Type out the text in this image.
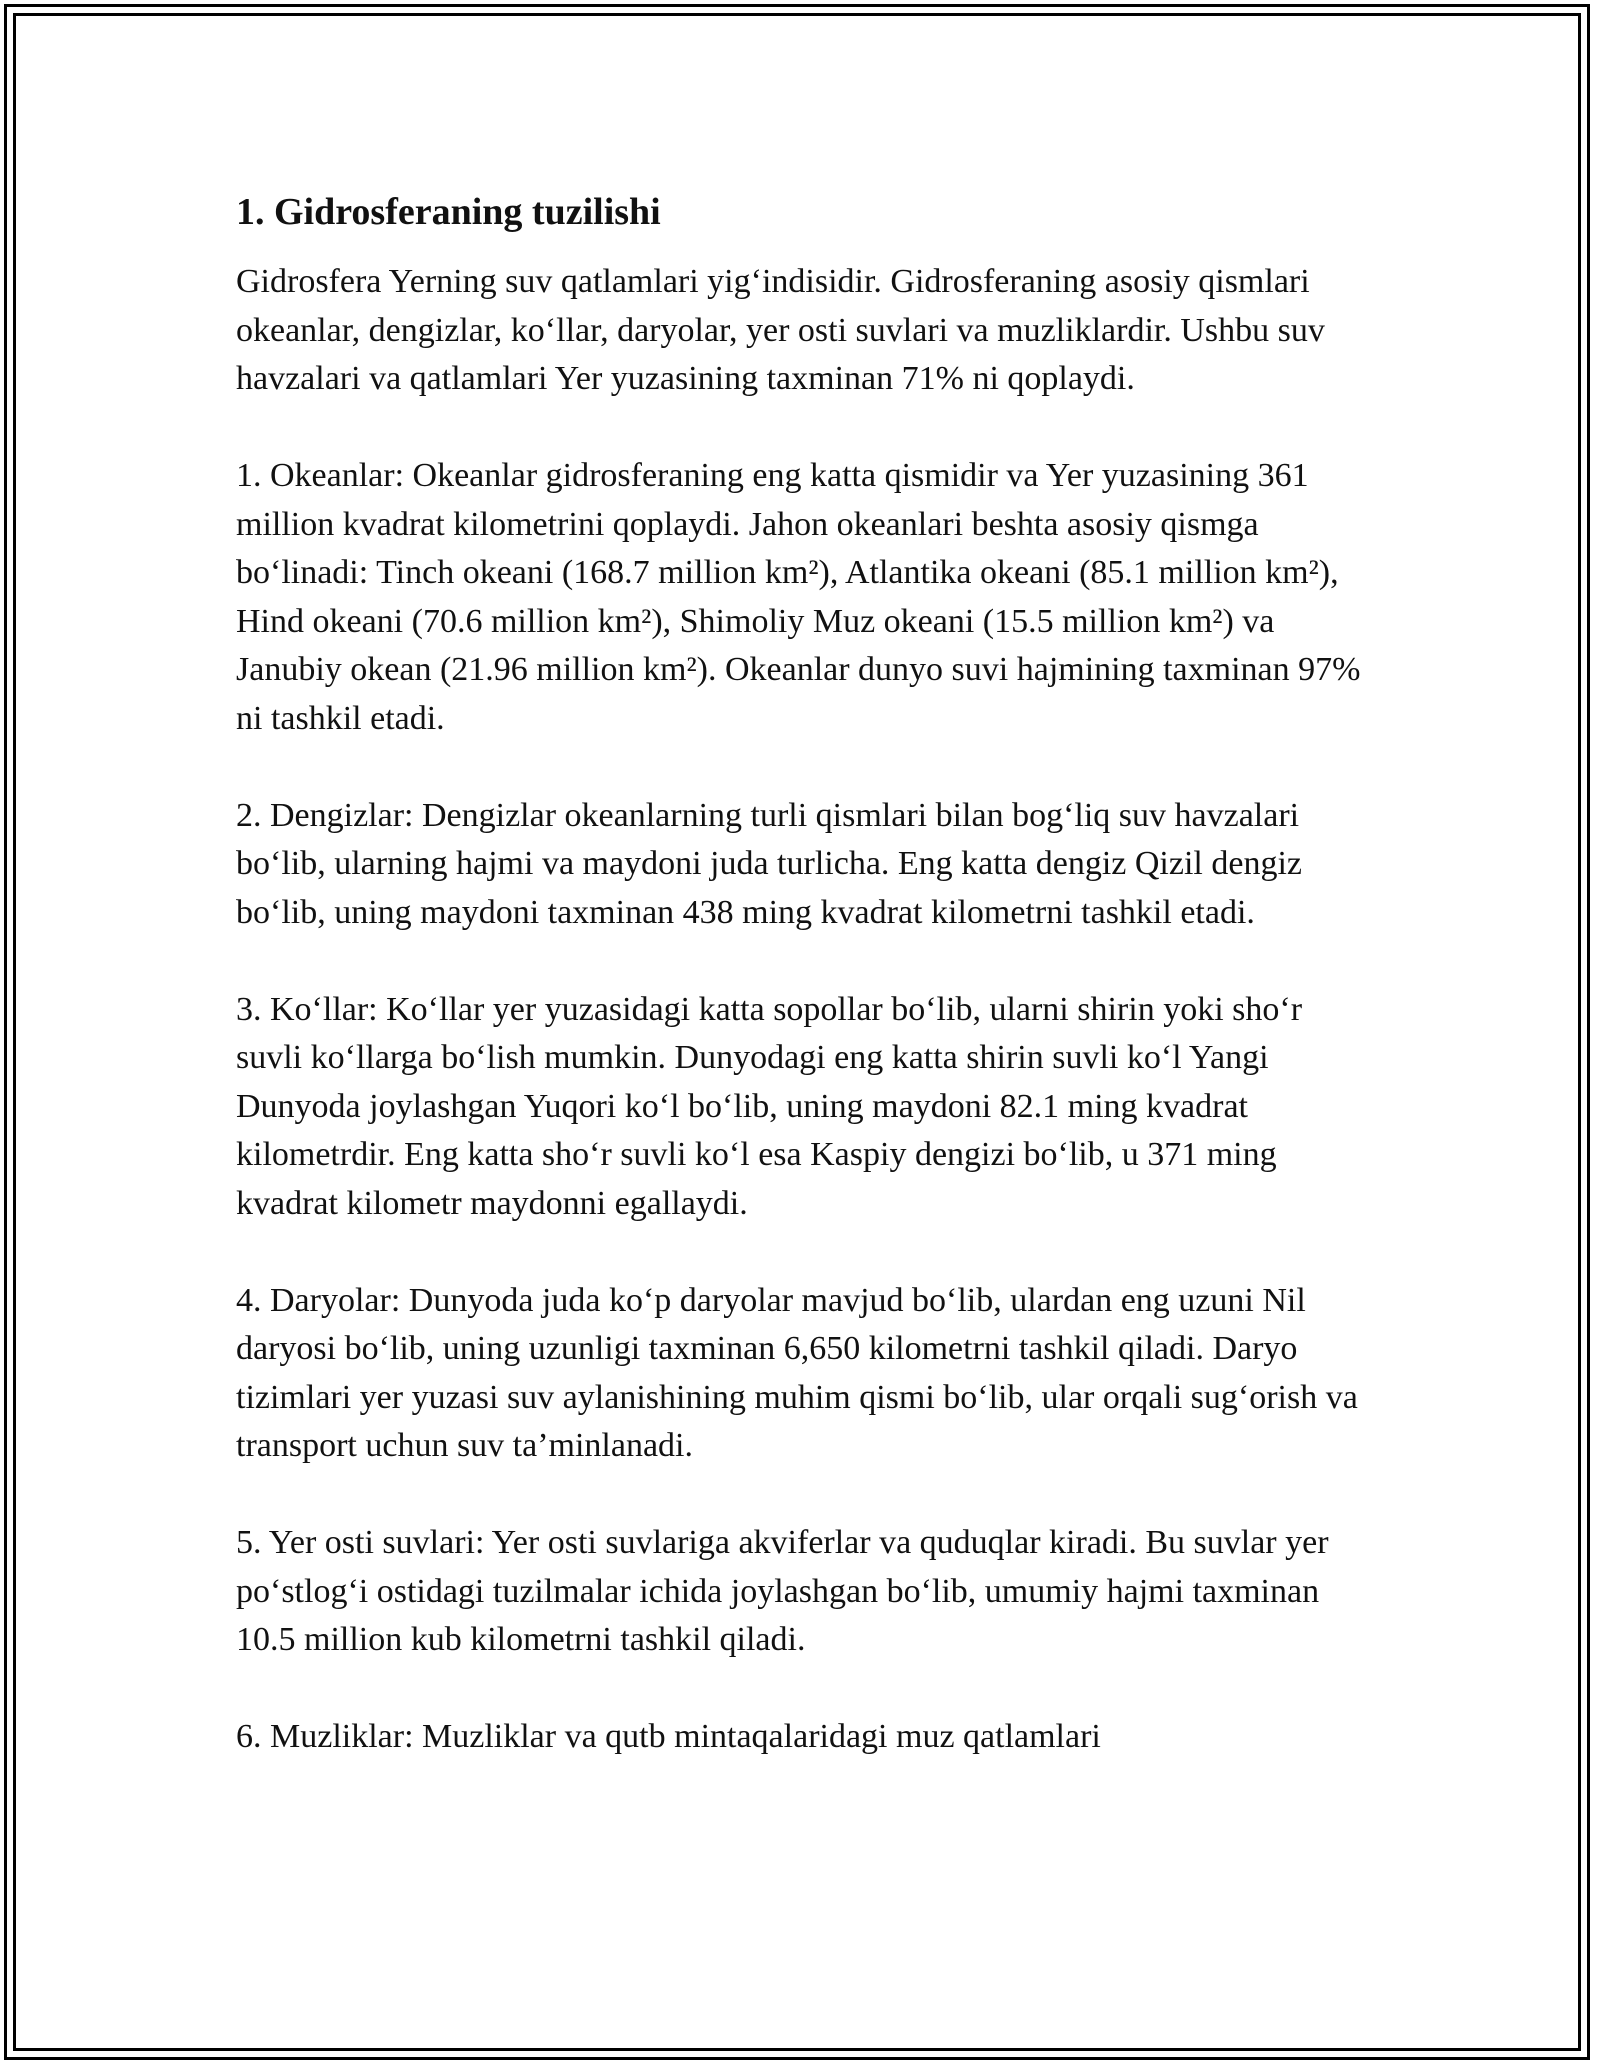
1. Gidrosferaning tuzilishi

Gidrosfera Yerning suv qatlamlari yig‘indisidir. Gidrosferaning asosiy qismlari okeanlar, dengizlar, ko‘llar, daryolar, yer osti suvlari va muzliklardir. Ushbu suv havzalari va qatlamlari Yer yuzasining taxminan 71% ni qoplaydi.

1. Okeanlar: Okeanlar gidrosferaning eng katta qismidir va Yer yuzasining 361 million kvadrat kilometrini qoplaydi. Jahon okeanlari beshta asosiy qismga bo‘linadi: Tinch okeani (168.7 million km²), Atlantika okeani (85.1 million km²), Hind okeani (70.6 million km²), Shimoliy Muz okeani (15.5 million km²) va Janubiy okean (21.96 million km²). Okeanlar dunyo suvi hajmining taxminan 97% ni tashkil etadi.

2. Dengizlar: Dengizlar okeanlarning turli qismlari bilan bog‘liq suv havzalari bo‘lib, ularning hajmi va maydoni juda turlicha. Eng katta dengiz Qizil dengiz bo‘lib, uning maydoni taxminan 438 ming kvadrat kilometrni tashkil etadi.

3. Ko‘llar: Ko‘llar yer yuzasidagi katta sopollar bo‘lib, ularni shirin yoki sho‘r suvli ko‘llarga bo‘lish mumkin. Dunyodagi eng katta shirin suvli ko‘l Yangi Dunyoda joylashgan Yuqori ko‘l bo‘lib, uning maydoni 82.1 ming kvadrat kilometrdir. Eng katta sho‘r suvli ko‘l esa Kaspiy dengizi bo‘lib, u 371 ming kvadrat kilometr maydonni egallaydi.

4. Daryolar: Dunyoda juda ko‘p daryolar mavjud bo‘lib, ulardan eng uzuni Nil daryosi bo‘lib, uning uzunligi taxminan 6,650 kilometrni tashkil qiladi. Daryo tizimlari yer yuzasi suv aylanishining muhim qismi bo‘lib, ular orqali sug‘orish va transport uchun suv ta’minlanadi.

5. Yer osti suvlari: Yer osti suvlariga akviferlar va quduqlar kiradi. Bu suvlar yer po‘stlog‘i ostidagi tuzilmalar ichida joylashgan bo‘lib, umumiy hajmi taxminan 10.5 million kub kilometrni tashkil qiladi.

6. Muzliklar: Muzliklar va qutb mintaqalaridagi muz qatlamlari
